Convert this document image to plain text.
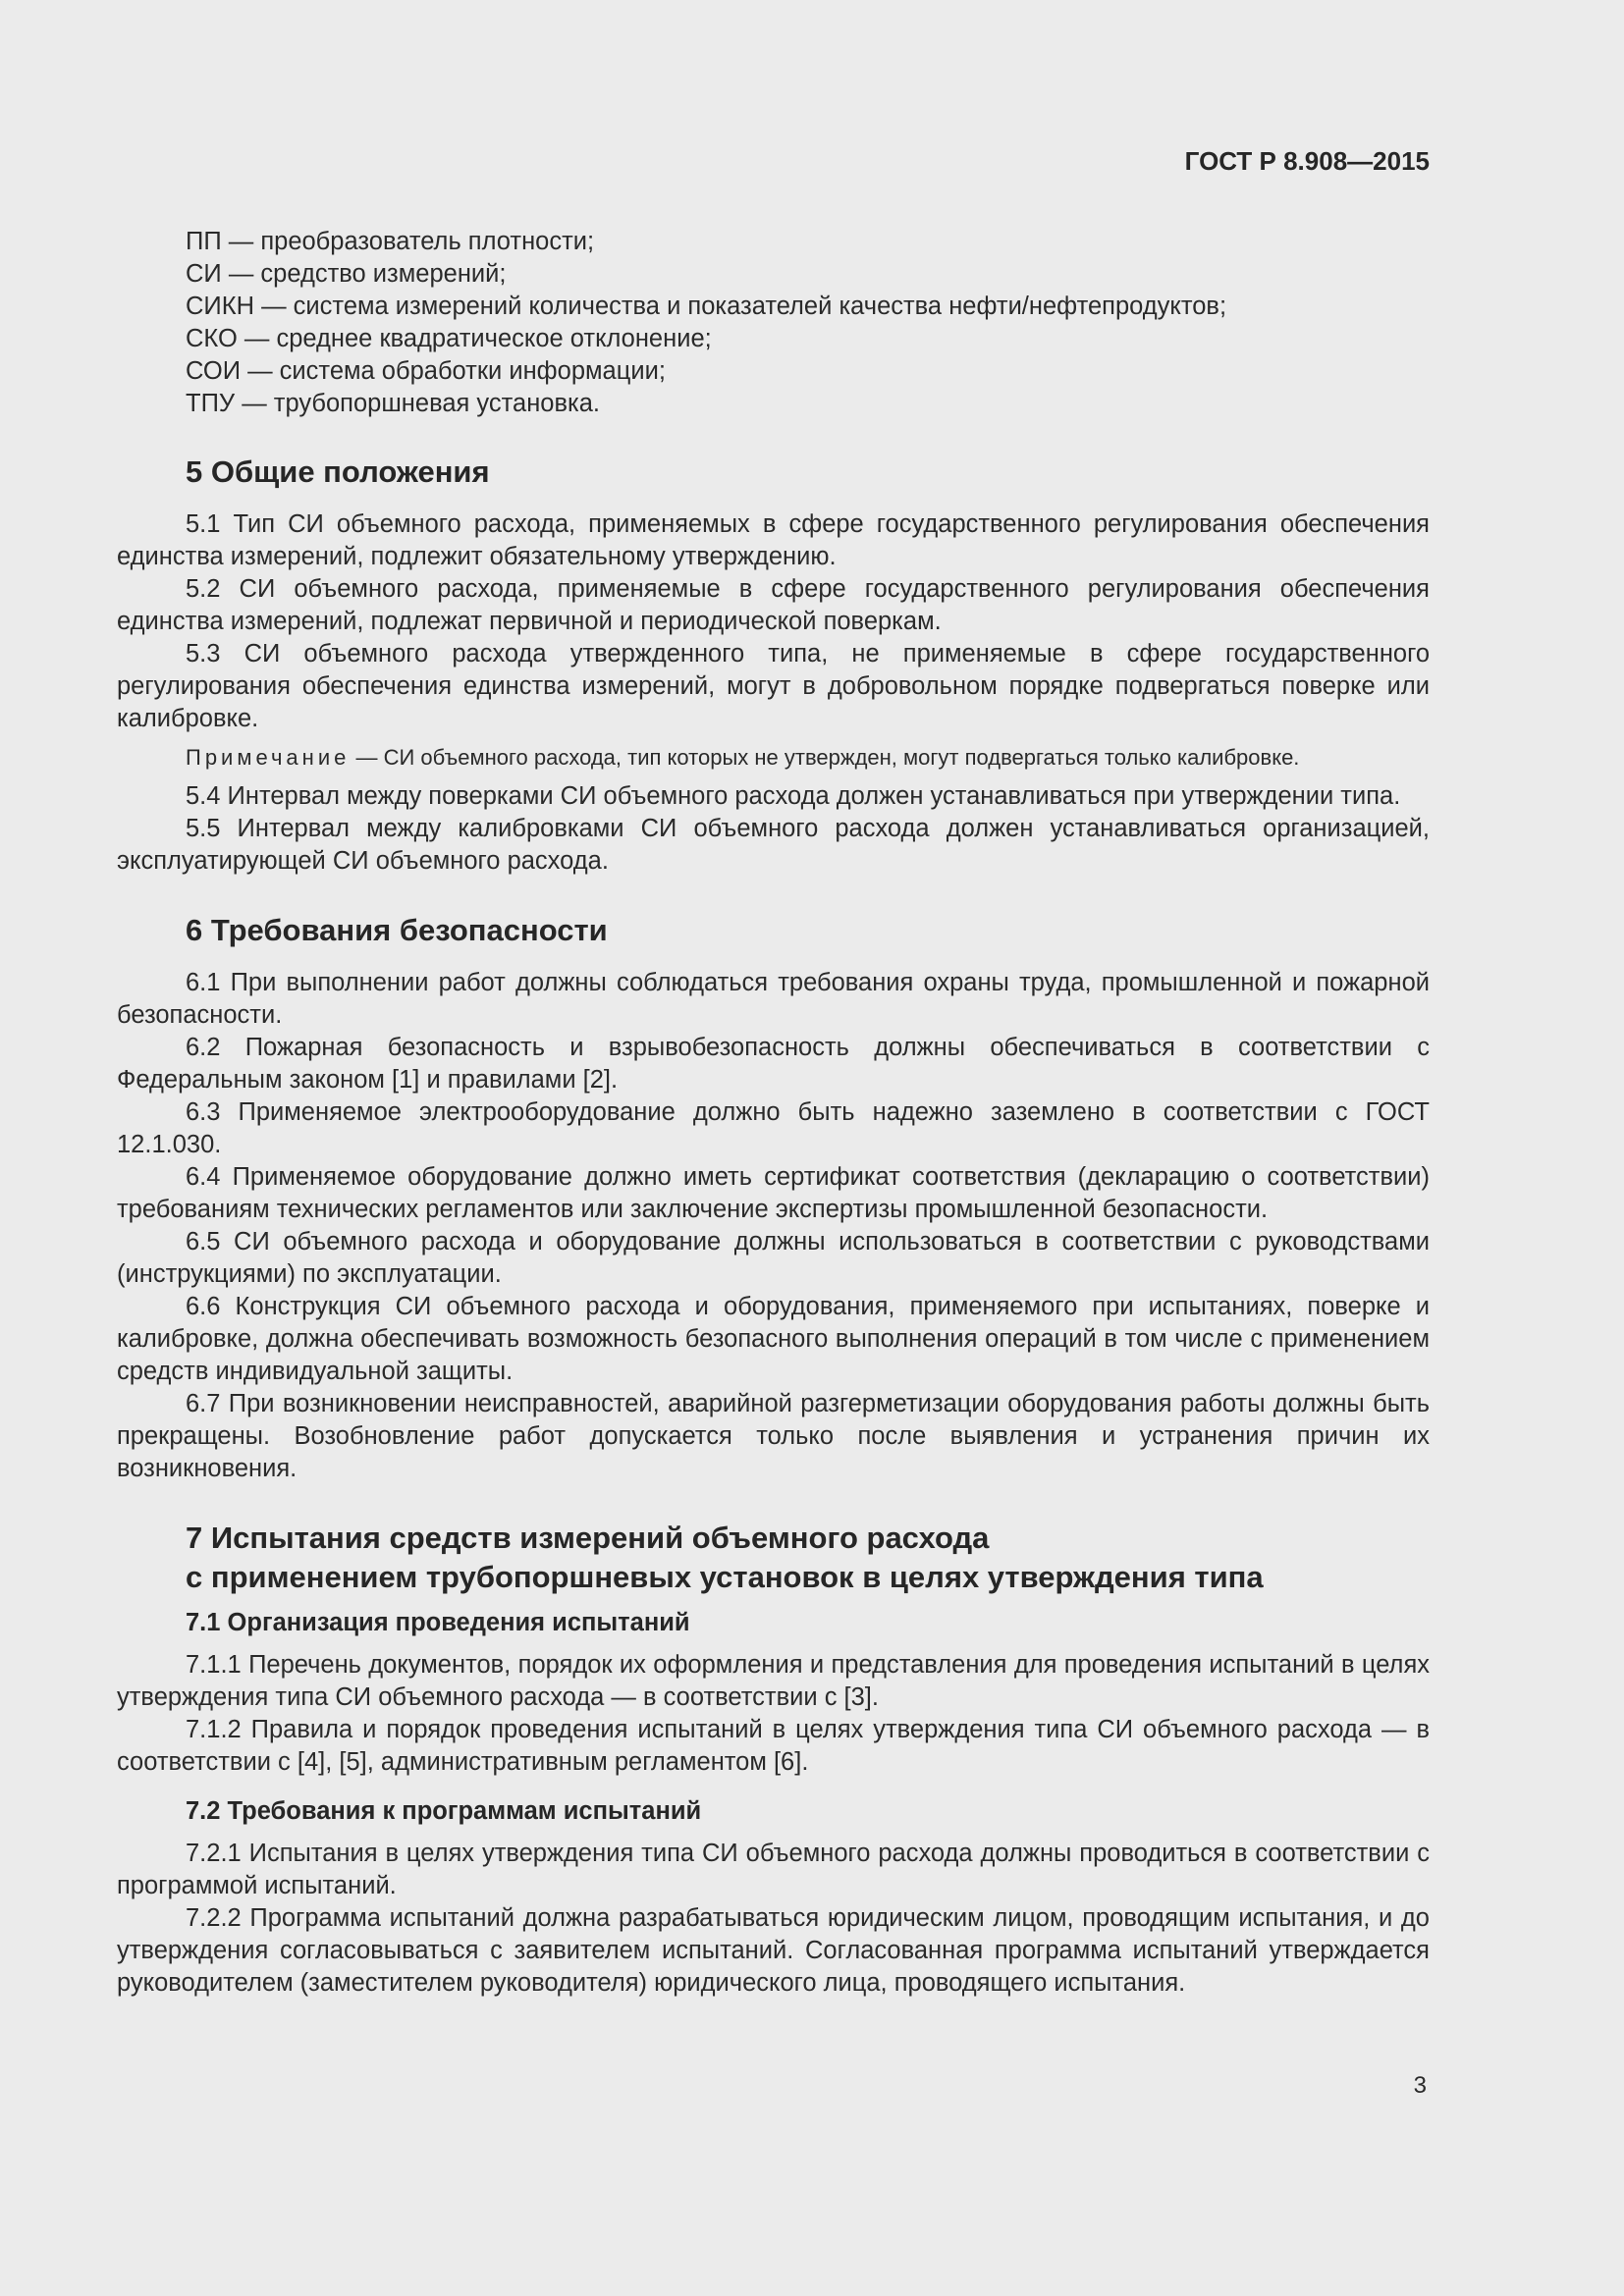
ГОСТ Р 8.908—2015
ПП — преобразователь плотности;
СИ — средство измерений;
СИКН — система измерений количества и показателей качества нефти/нефтепродуктов;
СКО — среднее квадратическое отклонение;
СОИ — система обработки информации;
ТПУ — трубопоршневая установка.
5 Общие положения

5.1 Тип СИ объемного расхода, применяемых в сфере государственного регулирования обеспечения единства измерений, подлежит обязательному утверждению.

5.2 СИ объемного расхода, применяемые в сфере государственного регулирования обеспечения единства измерений, подлежат первичной и периодической поверкам.

5.3 СИ объемного расхода утвержденного типа, не применяемые в сфере государственного регулирования обеспечения единства измерений, могут в добровольном порядке подвергаться поверке или калибровке.

Примечание — СИ объемного расхода, тип которых не утвержден, могут подвергаться только калибровке.

5.4 Интервал между поверками СИ объемного расхода должен устанавливаться при утверждении типа.

5.5 Интервал между калибровками СИ объемного расхода должен устанавливаться организацией, эксплуатирующей СИ объемного расхода.

6 Требования безопасности

6.1 При выполнении работ должны соблюдаться требования охраны труда, промышленной и пожарной безопасности.

6.2 Пожарная безопасность и взрывобезопасность должны обеспечиваться в соответствии с Федеральным законом [1] и правилами [2].

6.3 Применяемое электрооборудование должно быть надежно заземлено в соответствии с ГОСТ 12.1.030.

6.4 Применяемое оборудование должно иметь сертификат соответствия (декларацию о соответствии) требованиям технических регламентов или заключение экспертизы промышленной безопасности.

6.5 СИ объемного расхода и оборудование должны использоваться в соответствии с руководствами (инструкциями) по эксплуатации.

6.6 Конструкция СИ объемного расхода и оборудования, применяемого при испытаниях, поверке и калибровке, должна обеспечивать возможность безопасного выполнения операций в том числе с применением средств индивидуальной защиты.

6.7 При возникновении неисправностей, аварийной разгерметизации оборудования работы должны быть прекращены. Возобновление работ допускается только после выявления и устранения причин их возникновения.

7 Испытания средств измерений объемного расхода
с применением трубопоршневых установок в целях утверждения типа
7.1 Организация проведения испытаний

7.1.1 Перечень документов, порядок их оформления и представления для проведения испытаний в целях утверждения типа СИ объемного расхода — в соответствии с [3].

7.1.2 Правила и порядок проведения испытаний в целях утверждения типа СИ объемного расхода — в соответствии с [4], [5], административным регламентом [6].

7.2 Требования к программам испытаний

7.2.1 Испытания в целях утверждения типа СИ объемного расхода должны проводиться в соответствии с программой испытаний.

7.2.2 Программа испытаний должна разрабатываться юридическим лицом, проводящим испытания, и до утверждения согласовываться с заявителем испытаний. Согласованная программа испытаний утверждается руководителем (заместителем руководителя) юридического лица, проводящего испытания.

3
